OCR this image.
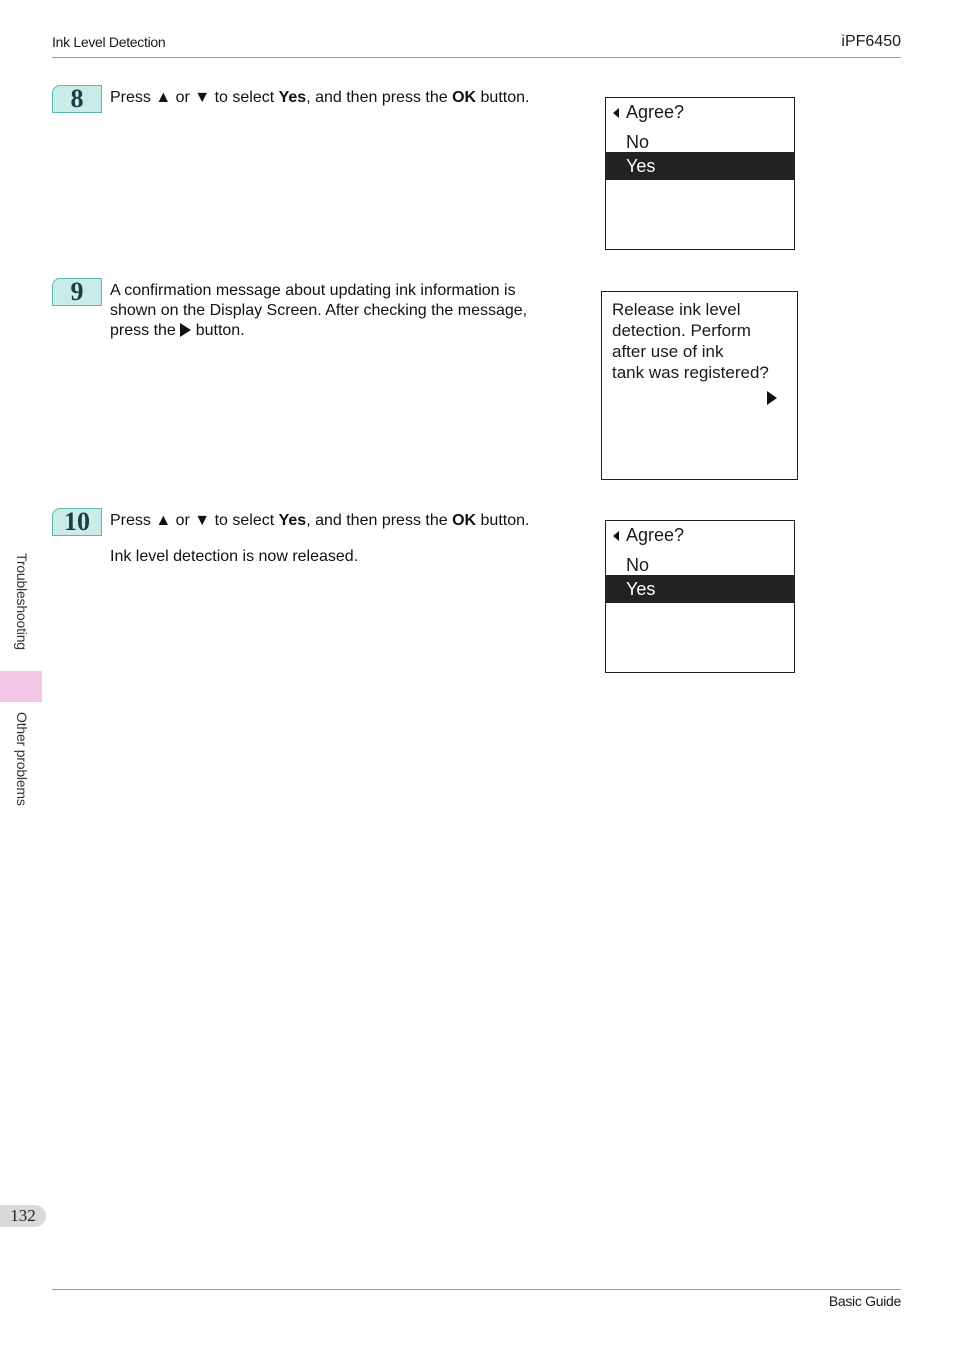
Ink Level Detection	iPF6450
Troubleshooting
Other problems
8	Press ▲ or ▼ to select Yes, and then press the OK button.
Agree?
No
Yes
9	A confirmation message about updating ink information is
shown on the Display Screen. After checking the message,
press the  button.
Release ink level
detection. Perform
after use of ink
tank was registered?
10	Press ▲ or ▼ to select Yes, and then press the OK button.
Ink level detection is now released.
Agree?
No
Yes
132
Basic Guide
